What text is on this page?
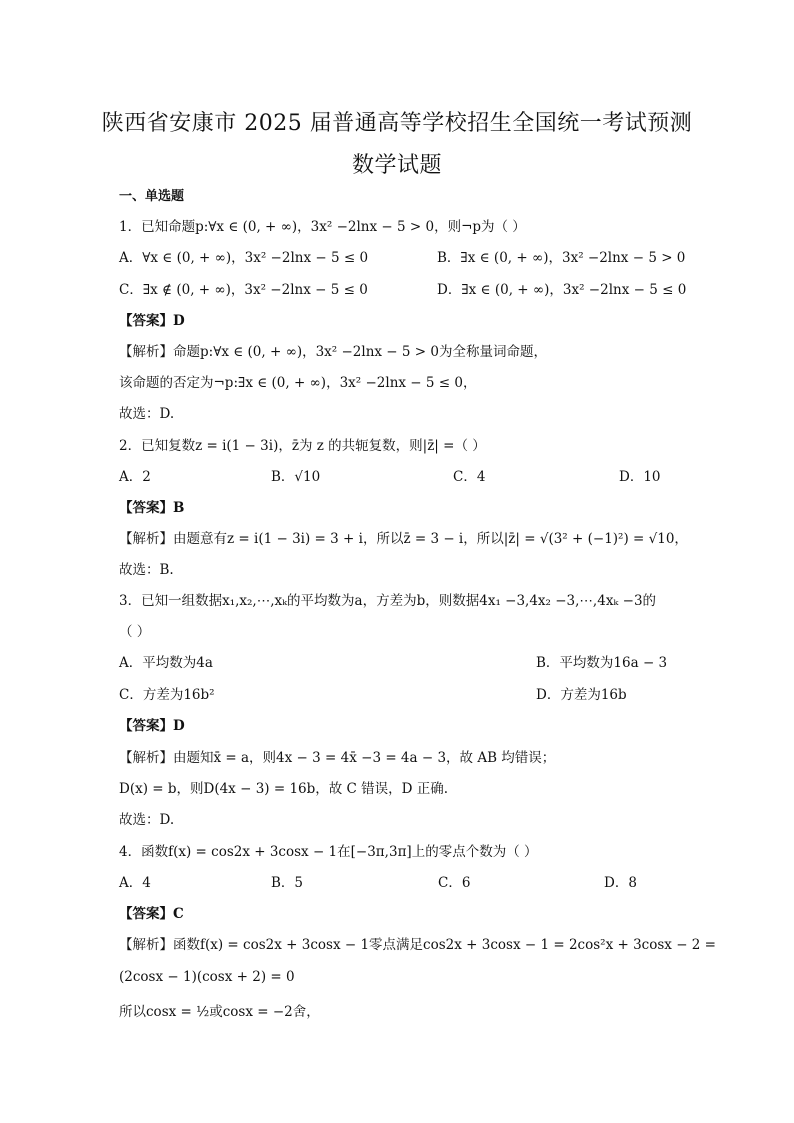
陕西省安康市 2025 届普通高等学校招生全国统一考试预测
数学试题
一、单选题
1．已知命题p:∀x ∈ (0, + ∞)，3x² −2lnx − 5 > 0，则¬p为（ ）
A．∀x ∈ (0, + ∞)，3x² −2lnx − 5 ≤ 0	B．∃x ∈ (0, + ∞)，3x² −2lnx − 5 > 0
C．∃x ∉ (0, + ∞)，3x² −2lnx − 5 ≤ 0	D．∃x ∈ (0, + ∞)，3x² −2lnx − 5 ≤ 0
【答案】D
【解析】命题p:∀x ∈ (0, + ∞)，3x² −2lnx − 5 > 0为全称量词命题，
该命题的否定为¬p:∃x ∈ (0, + ∞)，3x² −2lnx − 5 ≤ 0，
故选：D.
2．已知复数z = i(1 − 3i)，z̄为 z 的共轭复数，则|z̄| =（ ）
A．2	B．√10	C．4	D．10
【答案】B
【解析】由题意有z = i(1 − 3i) = 3 + i，所以z̄ = 3 − i，所以|z̄| = √(3² + (−1)²) = √10，
故选：B.
3．已知一组数据x₁,x₂,⋯,xₖ的平均数为a，方差为b，则数据4x₁ −3,4x₂ −3,⋯,4xₖ −3的
（ ）
A．平均数为4a	B．平均数为16a − 3
C．方差为16b²	D．方差为16b
【答案】D
【解析】由题知x̄ = a，则4x − 3 = 4x̄ −3 = 4a − 3，故 AB 均错误；
D(x) = b，则D(4x − 3) = 16b，故 C 错误，D 正确.
故选：D.
4．函数f(x) = cos2x + 3cosx − 1在[−3π,3π]上的零点个数为（ ）
A．4	B．5	C．6	D．8
【答案】C
【解析】函数f(x) = cos2x + 3cosx − 1零点满足cos2x + 3cosx − 1 = 2cos²x + 3cosx − 2 =
(2cosx − 1)(cosx + 2) = 0
所以cosx = ½或cosx = −2舍，
